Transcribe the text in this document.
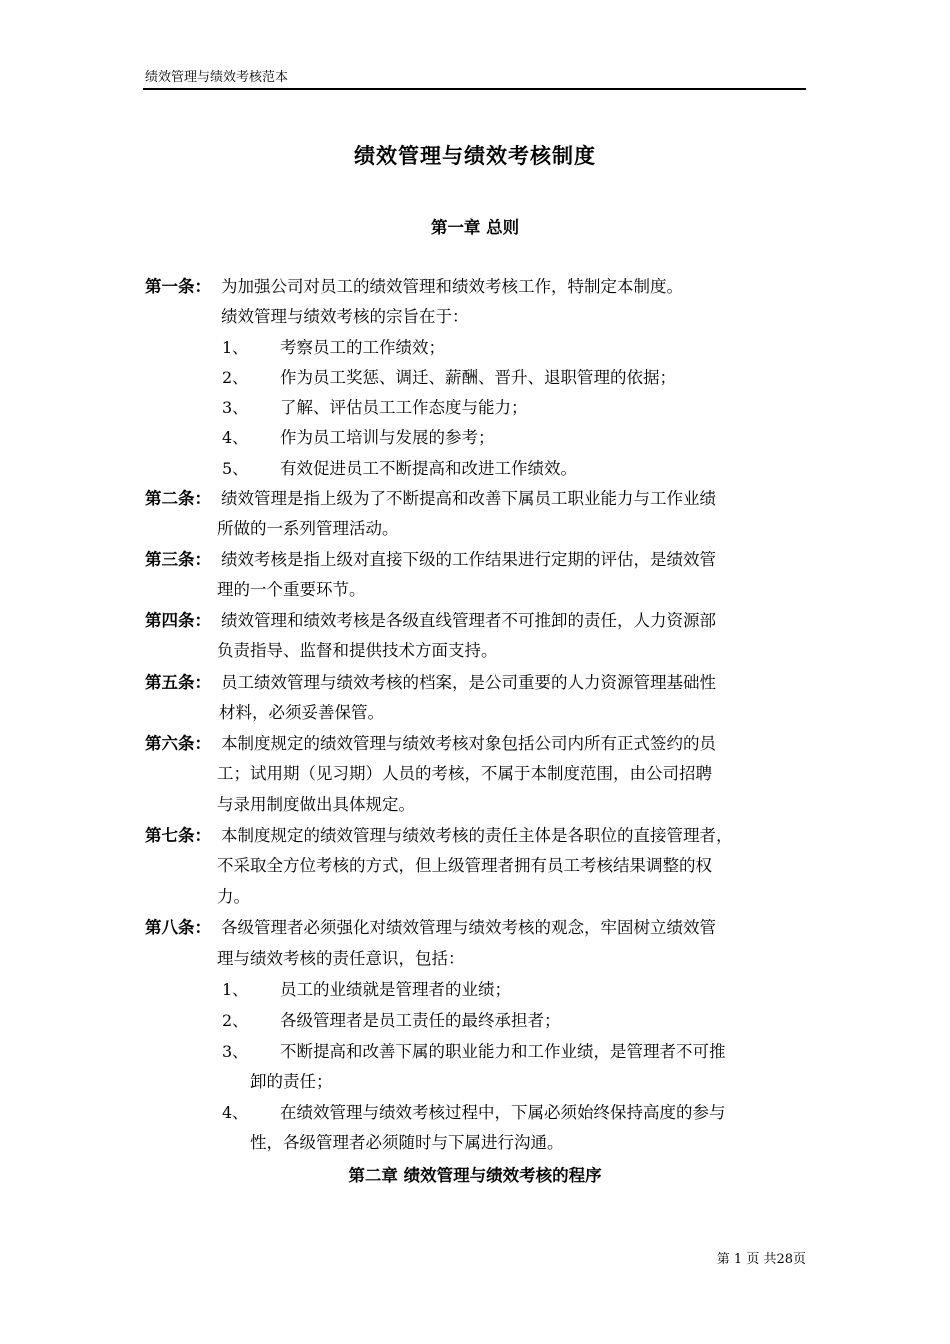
绩效管理与绩效考核范本
绩效管理与绩效考核制度
第一章 总则
第一条： 为加强公司对员工的绩效管理和绩效考核工作，特制定本制度。
绩效管理与绩效考核的宗旨在于：
1、 考察员工的工作绩效；
2、 作为员工奖惩、调迁、薪酬、晋升、退职管理的依据；
3、 了解、评估员工工作态度与能力；
4、 作为员工培训与发展的参考；
5、 有效促进员工不断提高和改进工作绩效。
第二条： 绩效管理是指上级为了不断提高和改善下属员工职业能力与工作业绩
所做的一系列管理活动。
第三条： 绩效考核是指上级对直接下级的工作结果进行定期的评估，是绩效管
理的一个重要环节。
第四条： 绩效管理和绩效考核是各级直线管理者不可推卸的责任，人力资源部
负责指导、监督和提供技术方面支持。
第五条： 员工绩效管理与绩效考核的档案，是公司重要的人力资源管理基础性
材料，必须妥善保管。
第六条： 本制度规定的绩效管理与绩效考核对象包括公司内所有正式签约的员
工；试用期（见习期）人员的考核，不属于本制度范围，由公司招聘
与录用制度做出具体规定。
第七条： 本制度规定的绩效管理与绩效考核的责任主体是各职位的直接管理者，
不采取全方位考核的方式，但上级管理者拥有员工考核结果调整的权
力。
第八条： 各级管理者必须强化对绩效管理与绩效考核的观念，牢固树立绩效管
理与绩效考核的责任意识，包括：
1、 员工的业绩就是管理者的业绩；
2、 各级管理者是员工责任的最终承担者；
3、 不断提高和改善下属的职业能力和工作业绩，是管理者不可推
卸的责任；
4、 在绩效管理与绩效考核过程中，下属必须始终保持高度的参与
性，各级管理者必须随时与下属进行沟通。
第二章 绩效管理与绩效考核的程序
第 1 页 共28页
